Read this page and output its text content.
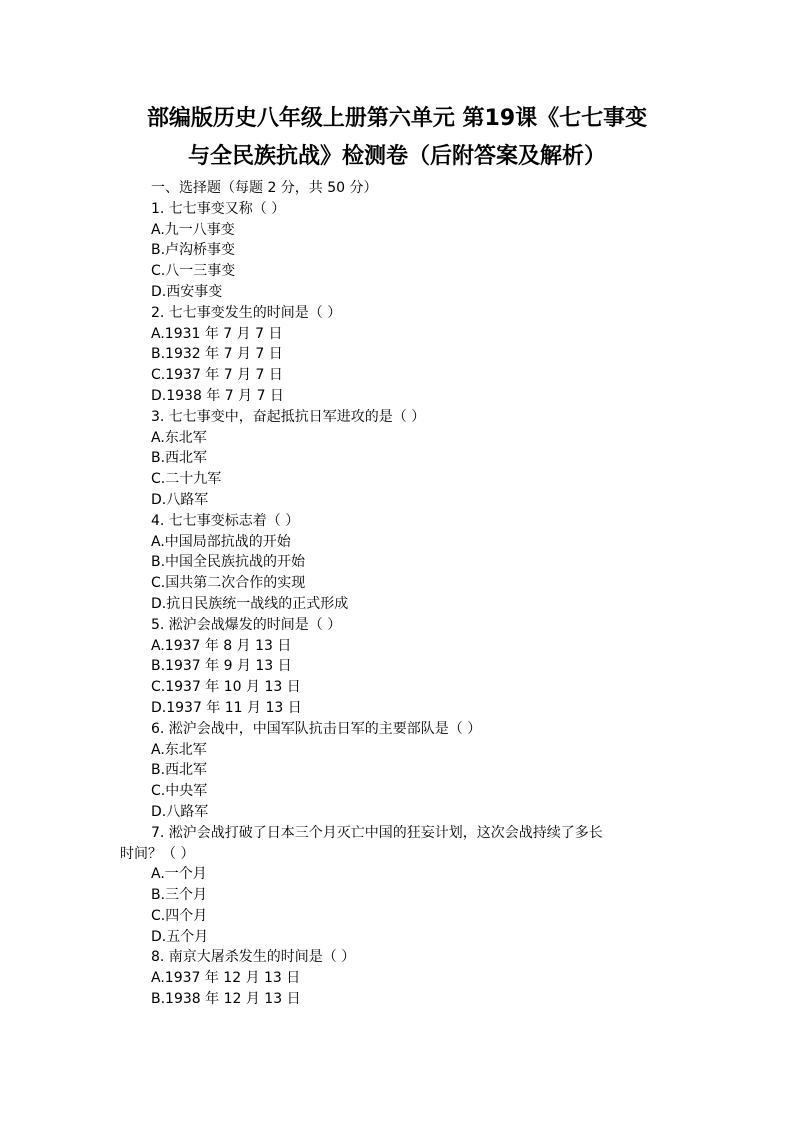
部编版历史八年级上册第六单元 第19课《七七事变
与全民族抗战》检测卷（后附答案及解析）
一、选择题（每题 2 分，共 50 分）
1. 七七事变又称（ ）
A.九一八事变
B.卢沟桥事变
C.八一三事变
D.西安事变
2. 七七事变发生的时间是（ ）
A.1931 年 7 月 7 日
B.1932 年 7 月 7 日
C.1937 年 7 月 7 日
D.1938 年 7 月 7 日
3. 七七事变中，奋起抵抗日军进攻的是（ ）
A.东北军
B.西北军
C.二十九军
D.八路军
4. 七七事变标志着（ ）
A.中国局部抗战的开始
B.中国全民族抗战的开始
C.国共第二次合作的实现
D.抗日民族统一战线的正式形成
5. 淞沪会战爆发的时间是（ ）
A.1937 年 8 月 13 日
B.1937 年 9 月 13 日
C.1937 年 10 月 13 日
D.1937 年 11 月 13 日
6. 淞沪会战中，中国军队抗击日军的主要部队是（ ）
A.东北军
B.西北军
C.中央军
D.八路军
7. 淞沪会战打破了日本三个月灭亡中国的狂妄计划，这次会战持续了多长
时间？（ ）
A.一个月
B.三个月
C.四个月
D.五个月
8. 南京大屠杀发生的时间是（ ）
A.1937 年 12 月 13 日
B.1938 年 12 月 13 日
